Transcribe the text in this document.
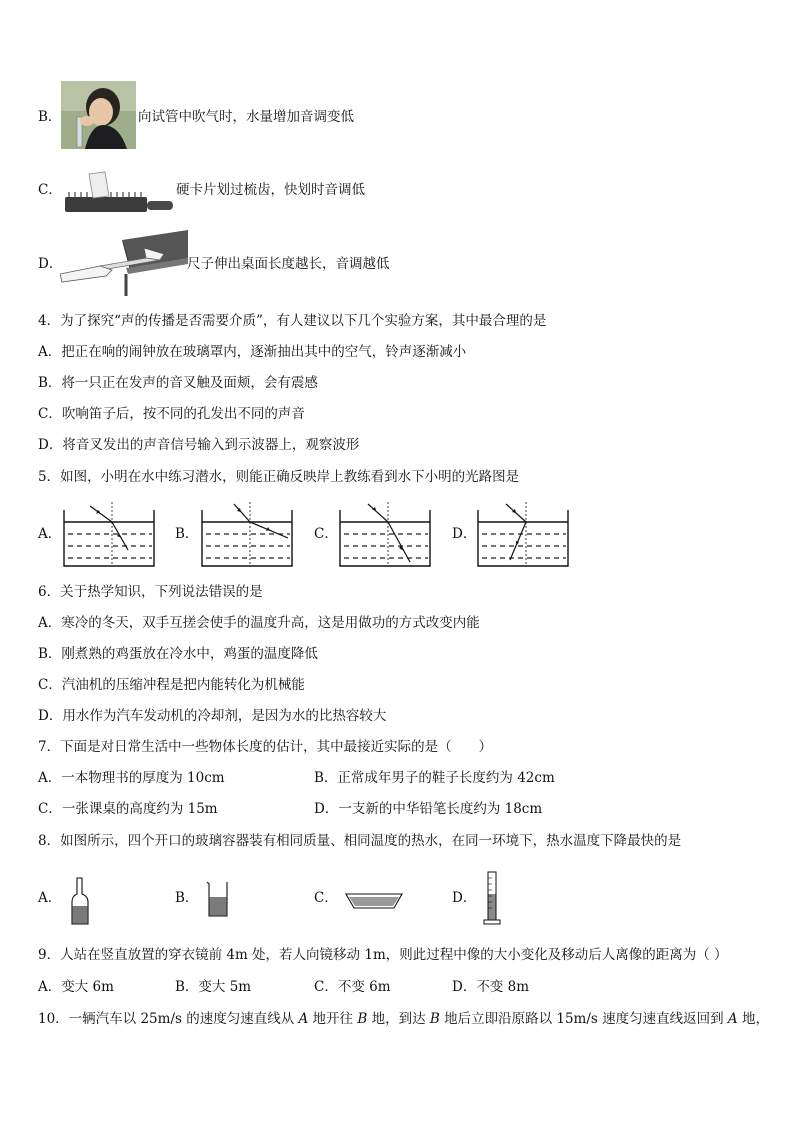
B．	向试管中吹气时，水量增加音调变低
C．	硬卡片划过梳齿，快划时音调低
D．	尺子伸出桌面长度越长，音调越低
4．为了探究“声的传播是否需要介质”，有人建议以下几个实验方案，其中最合理的是
A．把正在响的闹钟放在玻璃罩内，逐渐抽出其中的空气，铃声逐渐减小
B．将一只正在发声的音叉触及面颊，会有震感
C．吹响笛子后，按不同的孔发出不同的声音
D．将音叉发出的声音信号输入到示波器上，观察波形
5．如图，小明在水中练习潜水，则能正确反映岸上教练看到水下小明的光路图是
A．	B．	C．	D．
6．关于热学知识，下列说法错误的是
A．寒冷的冬天，双手互搓会使手的温度升高，这是用做功的方式改变内能
B．刚煮熟的鸡蛋放在冷水中，鸡蛋的温度降低
C．汽油机的压缩冲程是把内能转化为机械能
D．用水作为汽车发动机的冷却剂，是因为水的比热容较大
7．下面是对日常生活中一些物体长度的估计，其中最接近实际的是（　　）
A．一本物理书的厚度为 10cm	B．正常成年男子的鞋子长度约为 42cm
C．一张课桌的高度约为 15m	D．一支新的中华铅笔长度约为 18cm
8．如图所示，四个开口的玻璃容器装有相同质量、相同温度的热水，在同一环境下，热水温度下降最快的是
A．	B．	C．	D．
9．人站在竖直放置的穿衣镜前 4m 处，若人向镜移动 1m，则此过程中像的大小变化及移动后人离像的距离为（ ）
A．变大 6m	B．变大 5m	C．不变 6m	D．不变 8m
10．一辆汽车以 25m/s 的速度匀速直线从 A 地开往 B 地，到达 B 地后立即沿原路以 15m/s 速度匀速直线返回到 A 地，
